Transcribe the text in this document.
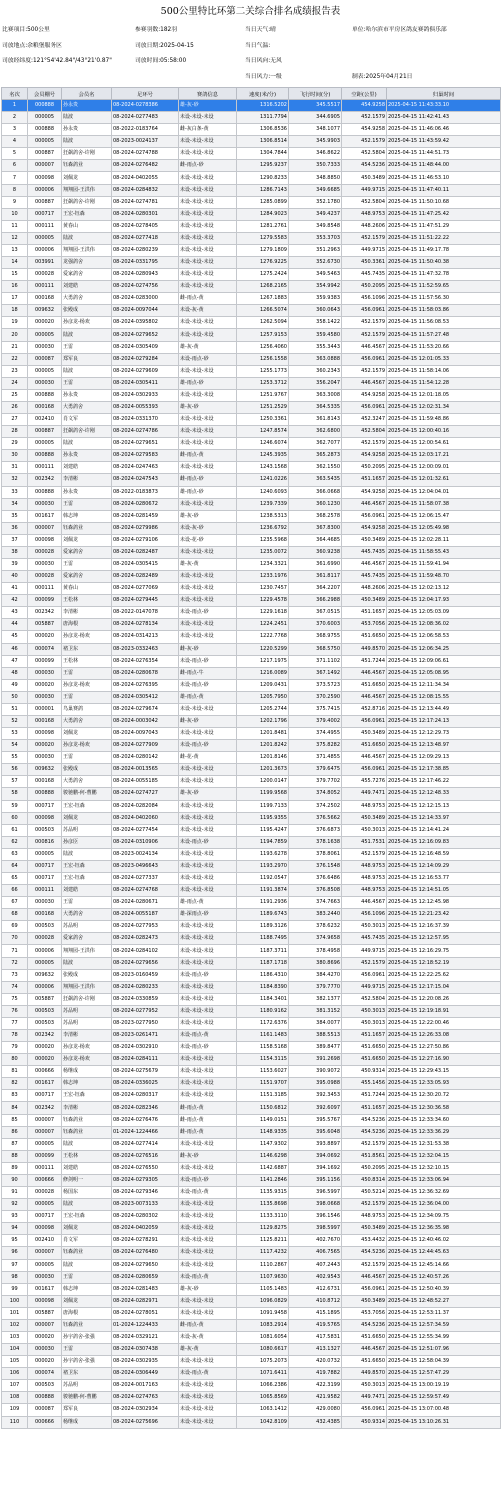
500公里特比环第二关综合排名成绩报告表
比赛项目:500公里	参赛羽数:182羽	当日天气:晴	单位:哈尔滨市平房区鸽友赛鸽俱乐部
司放地点:余粮堡服务区	司放日期:2025-04-15	当日气温:
司放经纬度:121°54'42.84"/43°21'0.87"	司放时间:05:58:00	当日风向:无风
当日风力:一级	制表:2025年04月21日
名次	会员棚号	会员名	足环号	赛鸽信息	速度(米/分)	飞行时间(分)	空距(公里)	归巢时间
1	000888	孙永贵	08-2024-0278386	雄-灰-砂	1316.5202	345.5517	454.9258	2025-04-15 11:43:33.10
2	000005	陆波	08-2024-0277483	未设-未设-未设	1311.7794	344.6905	452.1579	2025-04-15 11:42:41.43
3	000888	孙永贵	08-2022-0183764	雌-灰白条-黄	1306.8536	348.1077	454.9258	2025-04-15 11:46:06.46
4	000005	陆波	08-2023-0024137	未设-未设-未设	1306.8514	345.9903	452.1579	2025-04-15 11:43:59.42
5	000887	狂飙鸽舍-许刚	08-2024-0274788	未设-未设-未设	1304.7844	346.8622	452.5804	2025-04-15 11:44:51.73
6	000007	钰森鸽业	08-2024-0276482	雌-雨点-砂	1295.9237	350.7333	454.5236	2025-04-15 11:48:44.00
7	000098	刘佩龙	08-2024-0402055	未设-未设-未设	1290.8233	348.8850	450.3489	2025-04-15 11:46:53.10
8	000006	翔翔园-王洪伟	08-2024-0284832	未设-未设-未设	1286.7143	349.6685	449.9715	2025-04-15 11:47:40.11
9	000887	狂飙鸽舍-许刚	08-2024-0274781	未设-未设-未设	1285.0899	352.1780	452.5804	2025-04-15 11:50:10.68
10	000717	王宏-钰森	08-2024-0280301	未设-未设-未设	1284.9023	349.4237	448.9753	2025-04-15 11:47:25.42
11	000111	黄春山	08-2024-0278405	未设-未设-未设	1281.2761	349.8548	448.2606	2025-04-15 11:47:51.29
12	000005	陆波	08-2024-0277418	未设-未设-未设	1279.5583	353.3703	452.1579	2025-04-15 11:51:22.22
13	000006	翔翔园-王洪伟	08-2024-0280239	未设-未设-未设	1279.1809	351.2963	449.9715	2025-04-15 11:49:17.78
14	003991	龙强鸽舍	08-2024-0331795	未设-未设-未设	1276.9225	352.6730	450.3361	2025-04-15 11:50:40.38
15	000028	爱家鸽舍	08-2024-0280943	未设-未设-未设	1275.2424	349.5463	445.7435	2025-04-15 11:47:32.78
16	000111	刘建皓	08-2024-0274756	未设-未设-未设	1268.2165	354.9942	450.2095	2025-04-15 11:52:59.65
17	000168	大勇鸽舍	08-2024-0283000	雌-雨点-黄	1267.1883	359.9383	456.1096	2025-04-15 11:57:56.30
18	009632	张殿成	08-2024-0097044	未设-灰-黄	1266.5074	360.0643	456.0961	2025-04-15 11:58:03.86
19	000020	孙彦龙-杨欢	08-2024-0395802	未设-未设-未设	1262.5094	358.1422	452.1579	2025-04-15 11:56:08.53
20	000005	陆波	08-2024-0279652	未设-未设-未设	1257.9153	359.4580	452.1579	2025-04-15 11:57:27.48
21	000030	王雷	08-2024-0305409	雄-灰-黄	1256.4060	355.3443	446.4567	2025-04-15 11:53:20.66
22	000087	郑军良	08-2024-0279284	未设-雨点-砂	1256.1558	363.0888	456.0961	2025-04-15 12:01:05.33
23	000005	陆波	08-2024-0279609	未设-未设-未设	1255.1773	360.2343	452.1579	2025-04-15 11:58:14.06
24	000030	王雷	08-2024-0305411	雄-雨点-砂	1253.3712	356.2047	446.4567	2025-04-15 11:54:12.28
25	000888	孙永贵	08-2024-0302933	未设-未设-未设	1251.9767	363.3008	454.9258	2025-04-15 12:01:18.05
26	000168	大勇鸽舍	08-2024-0055393	雄-灰-砂	1251.2529	364.5335	456.0961	2025-04-15 12:02:31.34
27	002410	肖文军	08-2024-0331370	未设-未设-未设	1250.3361	361.8143	452.3247	2025-04-15 11:59:48.86
28	000887	狂飙鸽舍-许刚	08-2024-0274786	未设-未设-未设	1247.8574	362.6800	452.5804	2025-04-15 12:00:40.16
29	000005	陆波	08-2024-0279651	未设-未设-未设	1246.6074	362.7077	452.1579	2025-04-15 12:00:54.61
30	000888	孙永贵	08-2024-0279583	雌-雨点-黄	1245.3935	365.2873	454.9258	2025-04-15 12:03:17.21
31	000111	刘建皓	08-2024-0247463	未设-未设-未设	1243.1568	362.1550	450.2095	2025-04-15 12:00:09.01
32	002342	李清彬	08-2024-0247543	雌-雨点-砂	1241.0226	363.5435	451.1657	2025-04-15 12:01:32.61
33	000888	孙永贵	08-2022-0183873	雄-雨点-砂	1240.6093	366.0668	454.9258	2025-04-15 12:04:04.01
34	000030	王雷	08-2024-0280672	未设-未设-未设	1239.7339	360.1230	446.4567	2025-04-15 11:58:07.38
35	001617	韩志坤	08-2024-0281459	雄-灰-砂	1238.5313	368.2578	456.0961	2025-04-15 12:06:15.47
36	000007	钰森鸽业	08-2024-0279986	未设-灰-砂	1236.6792	367.8300	454.9258	2025-04-15 12:05:49.98
37	000098	刘佩龙	08-2024-0279106	未设-花-砂	1235.5968	364.4685	450.3489	2025-04-15 12:02:28.11
38	000028	爱家鸽舍	08-2024-0282487	未设-未设-未设	1235.0072	360.9238	445.7435	2025-04-15 11:58:55.43
39	000030	王雷	08-2024-0305415	雄-灰-黄	1234.3321	361.6990	446.4567	2025-04-15 11:59:41.94
40	000028	爱家鸽舍	08-2024-0282489	未设-未设-未设	1233.1976	361.8117	445.7435	2025-04-15 11:59:48.70
41	000111	黄春山	08-2024-0277069	未设-未设-未设	1230.7457	364.2207	448.2606	2025-04-15 12:02:13.12
42	000099	王松林	08-2024-0279445	未设-未设-未设	1229.4578	366.2988	450.3489	2025-04-15 12:04:17.93
43	002342	李清彬	08-2022-0147078	未设-雨点-砂	1229.1618	367.0515	451.1657	2025-04-15 12:05:03.09
44	005887	唐海根	08-2024-0278134	未设-未设-未设	1224.2451	370.6003	453.7056	2025-04-15 12:08:36.02
45	000020	孙彦龙-杨欢	08-2024-0314213	未设-未设-未设	1222.7768	368.9755	451.6650	2025-04-15 12:06:58.53
46	000074	褚卫东	08-2023-0332463	雌-灰-砂	1220.5299	368.5750	449.8570	2025-04-15 12:06:34.25
47	000099	王松林	08-2024-0276354	未设-雨点-砂	1217.1975	371.1102	451.7244	2025-04-15 12:09:06.61
48	000030	王雷	08-2024-0280678	雌-雨点-牛	1216.0089	367.1492	446.4567	2025-04-15 12:05:08.95
49	000020	孙彦龙-杨欢	08-2024-0276395	未设-雨点-砂	1209.0431	373.5723	451.6650	2025-04-15 12:11:34.34
50	000030	王雷	08-2024-0305412	雄-雨点-黄	1205.7950	370.2590	446.4567	2025-04-15 12:08:15.55
51	000001	鸟巢赛鸽	08-2024-0279674	未设-未设-未设	1205.2744	375.7415	452.8716	2025-04-15 12:13:44.49
52	000168	大勇鸽舍	08-2024-0003042	雌-灰-砂	1202.1796	379.4002	456.0961	2025-04-15 12:17:24.13
53	000098	刘佩龙	08-2024-0097043	未设-未设-未设	1201.8481	374.4955	450.3489	2025-04-15 12:12:29.73
54	000020	孙彦龙-杨欢	08-2024-0277909	未设-雨点-砂	1201.8242	375.8282	451.6650	2025-04-15 12:13:48.97
55	000030	王雷	08-2024-0280142	雌-花-黄	1201.8146	371.4855	446.4567	2025-04-15 12:09:29.13
56	009632	张殿成	08-2024-0013565	未设-未设-未设	1201.3673	379.6475	456.0961	2025-04-15 12:17:38.85
57	000168	大勇鸽舍	08-2024-0055185	未设-未设-未设	1200.0147	379.7702	455.7276	2025-04-15 12:17:46.22
58	000888	骏驰鹏-何-曹鹏	08-2024-0274727	雄-灰-砂	1199.9568	374.8052	449.7471	2025-04-15 12:12:48.33
59	000717	王宏-钰森	08-2024-0282084	未设-未设-未设	1199.7133	374.2502	448.9753	2025-04-15 12:12:15.13
60	000098	刘佩龙	08-2024-0402060	未设-未设-未设	1195.9355	376.5662	450.3489	2025-04-15 12:14:33.97
61	000503	苏品明	08-2024-0277454	未设-未设-未设	1195.4247	376.6873	450.3013	2025-04-15 12:14:41.24
62	000816	孙彦臣	08-2024-0310906	未设-雨点-砂	1194.7859	378.1638	451.7531	2025-04-15 12:16:09.83
63	000005	陆波	08-2023-0024134	未设-未设-未设	1193.6278	378.8061	452.1579	2025-04-15 12:16:48.59
64	000717	王宏-钰森	08-2023-0496643	未设-未设-未设	1193.2970	376.1548	448.9753	2025-04-15 12:14:09.29
65	000717	王宏-钰森	08-2024-0277337	未设-未设-未设	1192.0547	376.6486	448.9753	2025-04-15 12:16:53.77
66	000111	刘建皓	08-2024-0274768	未设-未设-未设	1191.3874	376.8508	448.9753	2025-04-15 12:14:51.05
67	000030	王雷	08-2024-0280671	雄-雨点-黄	1191.2936	374.7663	446.4567	2025-04-15 12:12:45.98
68	000168	大勇鸽舍	08-2024-0055187	雄-深雨点-砂	1189.6743	383.2440	456.1096	2025-04-15 12:21:23.42
69	000503	苏品明	08-2024-0277953	未设-未设-未设	1189.3126	378.6232	450.3013	2025-04-15 12:16:37.39
70	000028	爱家鸽舍	08-2024-0282473	未设-未设-未设	1188.7495	374.9658	445.7435	2025-04-15 12:12:57.95
71	000006	翔翔园-王洪伟	08-2024-0284102	未设-未设-未设	1187.3711	378.4958	449.9715	2025-04-15 12:16:29.75
72	000005	陆波	08-2024-0279656	未设-未设-未设	1187.1718	380.8696	452.1579	2025-04-15 12:18:52.19
73	009632	张殿成	08-2023-0160459	未设-雨点-砂	1186.4310	384.4270	456.0961	2025-04-15 12:22:25.62
74	000006	翔翔园-王洪伟	08-2024-0280233	未设-未设-未设	1184.8390	379.7770	449.9715	2025-04-15 12:17:15.04
75	005887	狂飙鸽舍-许刚	08-2024-0330859	未设-未设-未设	1184.3401	382.1377	452.5804	2025-04-15 12:20:08.26
76	000503	苏品明	08-2024-0277952	未设-未设-未设	1180.9162	381.3152	450.3013	2025-04-15 12:19:18.91
77	000503	苏品明	08-2023-0277950	未设-未设-未设	1172.6376	384.0077	450.3013	2025-04-15 12:22:00.46
78	002342	李清彬	08-2023-0261471	未设-雨点-黄	1161.1483	388.5513	451.1657	2025-04-15 12:26:33.08
79	000020	孙彦龙-杨欢	08-2024-0302910	未设-雨点-砂	1158.5168	389.8477	451.6650	2025-04-15 12:27:50.86
80	000020	孙彦龙-杨欢	08-2024-0284111	未设-未设-未设	1154.3115	391.2698	451.6650	2025-04-15 12:27:16.90
81	000666	杨继成	08-2024-0275679	未设-未设-未设	1153.6027	390.9072	450.9314	2025-04-15 12:29:43.15
82	001617	韩志坤	08-2024-0336025	未设-未设-未设	1151.9707	395.0988	455.1456	2025-04-15 12:33:05.93
83	000717	王宏-钰森	08-2024-0280317	未设-未设-未设	1151.3185	392.3453	451.7244	2025-04-15 12:30:20.72
84	002342	李清彬	08-2024-0282346	雌-雨点-黄	1150.6812	392.6097	451.1657	2025-04-15 12:30:36.58
85	000007	钰森鸽业	08-2024-0276476	雌-雨点-黄	1149.0151	395.5767	454.5236	2025-04-15 12:33:34.60
86	000007	钰森鸽业	01-2024-1224466	雌-雨点-黄	1148.9335	395.6048	454.5236	2025-04-15 12:33:36.29
87	000005	陆波	08-2024-0277414	未设-未设-未设	1147.9302	393.8897	452.1579	2025-04-15 12:31:53.38
88	000099	王松林	08-2024-0276516	雌-灰-砂	1146.6298	394.0692	451.8561	2025-04-15 12:32:04.15
89	000111	刘建皓	08-2024-0276550	未设-未设-未设	1142.6887	394.1692	450.2095	2025-04-15 12:32:10.15
90	000666	修剑明一	08-2024-0279305	未设-雨点-砂	1141.2846	395.1156	450.8314	2025-04-15 12:33:06.94
91	000028	杨国东	08-2024-0279346	未设-雨点-黄	1135.9315	396.5997	450.5214	2025-04-15 12:36:32.69
92	000005	陆波	08-2023-0073133	未设-未设-未设	1135.8698	398.0668	452.1579	2025-04-15 12:36:04.00
93	000717	王宏-钰森	08-2024-0280302	未设-未设-未设	1133.3110	396.1546	448.9753	2025-04-15 12:34:09.75
94	000098	刘佩龙	08-2024-0402059	未设-未设-未设	1129.8275	398.5997	450.3489	2025-04-15 12:36:35.98
95	002410	肖文军	08-2024-0278291	未设-未设-未设	1125.8211	402.7670	453.4432	2025-04-15 12:40:46.02
96	000007	钰森鸽业	08-2024-0276480	未设-未设-未设	1117.4232	406.7565	454.5236	2025-04-15 12:44:45.63
97	000005	陆波	08-2024-0279650	未设-未设-未设	1110.2867	407.2443	452.1579	2025-04-15 12:45:14.66
98	000030	王雷	08-2024-0280659	未设-雨点-黄	1107.9630	402.9543	446.4567	2025-04-15 12:40:57.26
99	001617	韩志坤	08-2024-0281483	雄-灰-砂	1105.1483	412.6731	456.0961	2025-04-15 12:50:40.39
100	000098	刘佩龙	08-2024-0282971	未设-未设-未设	1096.0829	410.8712	450.3489	2025-04-15 12:48:52.27
101	005887	唐海根	08-2024-0278051	未设-未设-未设	1091.9458	415.1895	453.7056	2025-04-15 12:53:11.37
102	000007	钰森鸽业	01-2024-1224433	雌-雨点-黄	1083.2914	419.5765	454.5236	2025-04-15 12:57:34.59
103	000020	孙宇鸽舍-张强	08-2024-0329121	未设-灰-黄	1081.6054	417.5831	451.6650	2025-04-15 12:55:34.99
104	000030	王雷	08-2024-0307438	雄-灰-黄	1080.6617	413.1327	446.4567	2025-04-15 12:51:07.96
105	000020	孙宇鸽舍-张强	08-2024-0302935	未设-未设-未设	1075.2073	420.0732	451.6650	2025-04-15 12:58:04.39
106	000074	褚卫东	08-2024-0306449	未设-雨点-黄	1071.6411	419.7882	449.8570	2025-04-15 12:57:47.29
107	000503	苏品明	08-2024-0017163	未设-未设-未设	1066.2386	422.3199	450.3013	2025-04-15 13:00:19.19
108	000888	骏驰鹏-何-曹鹏	08-2024-0274763	未设-未设-未设	1065.8569	421.9582	449.7471	2025-04-15 12:59:57.49
109	000087	郑军良	08-2024-0302934	未设-未设-未设	1063.1412	429.0080	456.0961	2025-04-15 13:07:00.48
110	000666	杨继成	08-2024-0275696	未设-未设-未设	1042.8109	432.4385	450.9314	2025-04-15 13:10:26.31
